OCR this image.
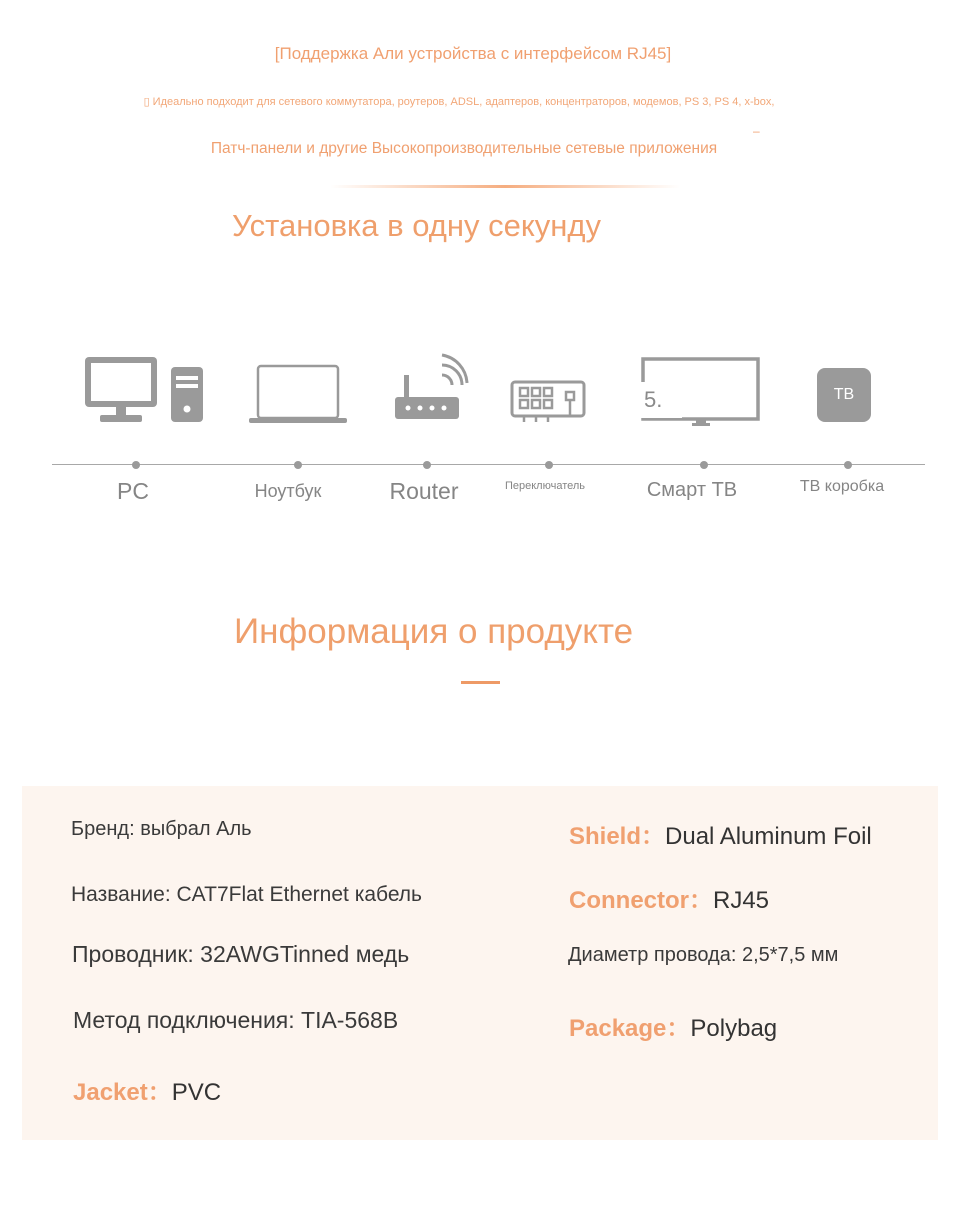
[Поддержка Али устройства с интерфейсом RJ45]
▯ Идеально подходит для сетевого коммутатора, роутеров, ADSL, адаптеров, концентраторов, модемов, PS 3, PS 4, x-box,
–
Патч-панели и другие Высокопроизводительные сетевые приложения
Установка в одну секунду
5.	ТВ
PC	Ноутбук	Router	Переключатель	Смарт ТВ	ТВ коробка
Информация о продукте
Бренд: выбрал Аль
Название: CAT7Flat Ethernet кабель
Проводник: 32AWGTinned медь
Метод подключения: TIA-568B
Jacket：PVC
Shield：Dual Aluminum Foil
Connector：RJ45
Диаметр провода: 2,5*7,5 мм
Package：Polybag
